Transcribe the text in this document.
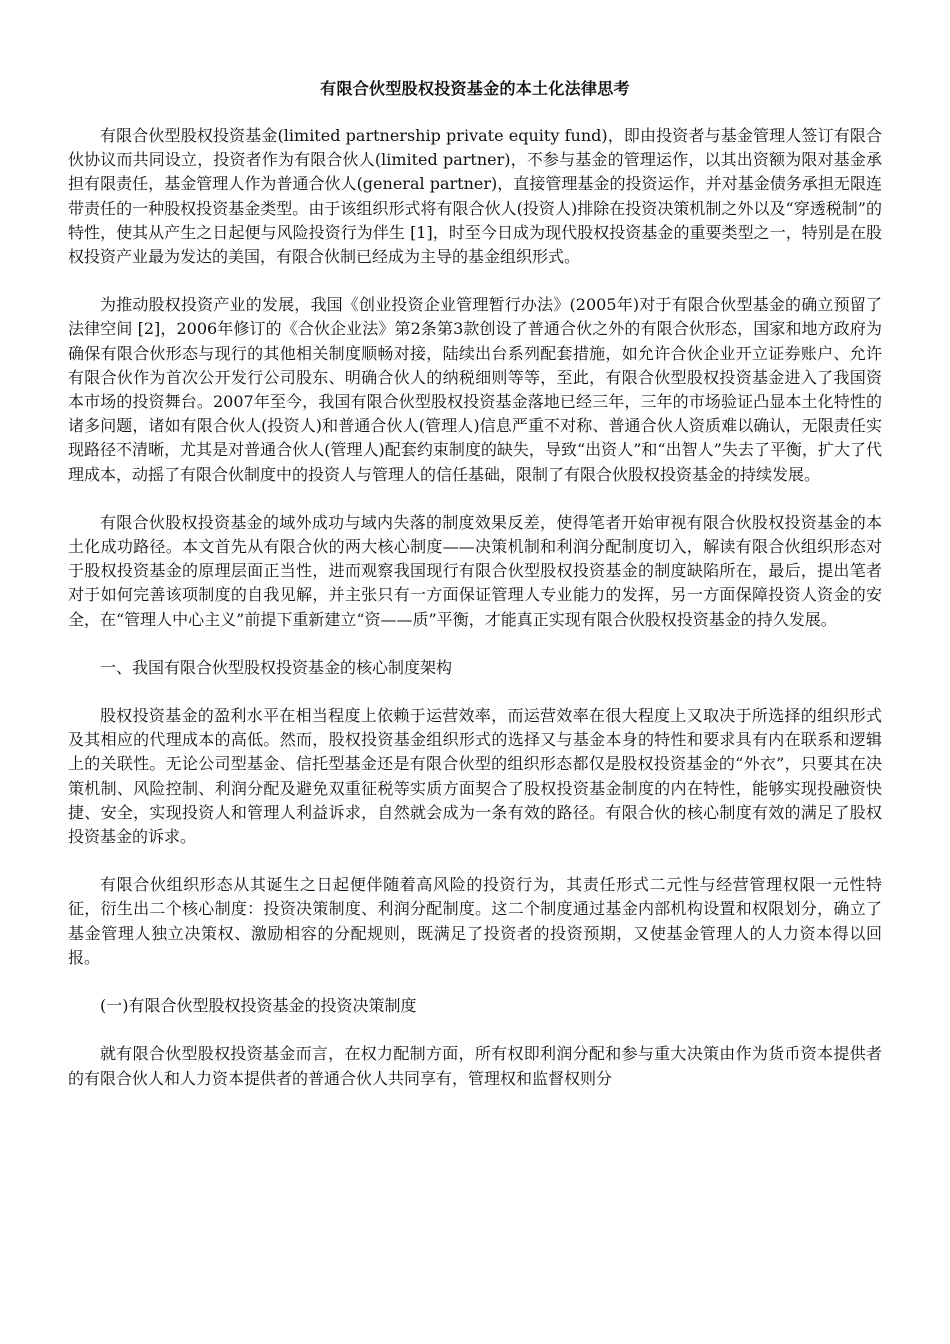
有限合伙型股权投资基金的本土化法律思考

有限合伙型股权投资基金(limited partnership private equity fund)，即由投资者与基金管理人签订有限合伙协议而共同设立，投资者作为有限合伙人(limited partner)，不参与基金的管理运作，以其出资额为限对基金承担有限责任，基金管理人作为普通合伙人(general partner)，直接管理基金的投资运作，并对基金债务承担无限连带责任的一种股权投资基金类型。由于该组织形式将有限合伙人(投资人)排除在投资决策机制之外以及“穿透税制”的特性，使其从产生之日起便与风险投资行为伴生 [1]，时至今日成为现代股权投资基金的重要类型之一，特别是在股权投资产业最为发达的美国，有限合伙制已经成为主导的基金组织形式。

为推动股权投资产业的发展，我国《创业投资企业管理暂行办法》(2005年)对于有限合伙型基金的确立预留了法律空间 [2]，2006年修订的《合伙企业法》第2条第3款创设了普通合伙之外的有限合伙形态，国家和地方政府为确保有限合伙形态与现行的其他相关制度顺畅对接，陆续出台系列配套措施，如允许合伙企业开立证券账户、允许有限合伙作为首次公开发行公司股东、明确合伙人的纳税细则等等，至此，有限合伙型股权投资基金进入了我国资本市场的投资舞台。2007年至今，我国有限合伙型股权投资基金落地已经三年，三年的市场验证凸显本土化特性的诸多问题，诸如有限合伙人(投资人)和普通合伙人(管理人)信息严重不对称、普通合伙人资质难以确认，无限责任实现路径不清晰，尤其是对普通合伙人(管理人)配套约束制度的缺失，导致“出资人”和“出智人”失去了平衡，扩大了代理成本，动摇了有限合伙制度中的投资人与管理人的信任基础，限制了有限合伙股权投资基金的持续发展。

有限合伙股权投资基金的域外成功与域内失落的制度效果反差，使得笔者开始审视有限合伙股权投资基金的本土化成功路径。本文首先从有限合伙的两大核心制度——决策机制和利润分配制度切入，解读有限合伙组织形态对于股权投资基金的原理层面正当性，进而观察我国现行有限合伙型股权投资基金的制度缺陷所在，最后，提出笔者对于如何完善该项制度的自我见解，并主张只有一方面保证管理人专业能力的发挥，另一方面保障投资人资金的安全，在“管理人中心主义”前提下重新建立“资——质”平衡，才能真正实现有限合伙股权投资基金的持久发展。

一、我国有限合伙型股权投资基金的核心制度架构

股权投资基金的盈利水平在相当程度上依赖于运营效率，而运营效率在很大程度上又取决于所选择的组织形式及其相应的代理成本的高低。然而，股权投资基金组织形式的选择又与基金本身的特性和要求具有内在联系和逻辑上的关联性。无论公司型基金、信托型基金还是有限合伙型的组织形态都仅是股权投资基金的“外衣”，只要其在决策机制、风险控制、利润分配及避免双重征税等实质方面契合了股权投资基金制度的内在特性，能够实现投融资快捷、安全，实现投资人和管理人利益诉求，自然就会成为一条有效的路径。有限合伙的核心制度有效的满足了股权投资基金的诉求。

有限合伙组织形态从其诞生之日起便伴随着高风险的投资行为，其责任形式二元性与经营管理权限一元性特征，衍生出二个核心制度：投资决策制度、利润分配制度。这二个制度通过基金内部机构设置和权限划分，确立了基金管理人独立决策权、激励相容的分配规则，既满足了投资者的投资预期，又使基金管理人的人力资本得以回报。

(一)有限合伙型股权投资基金的投资决策制度

就有限合伙型股权投资基金而言，在权力配制方面，所有权即利润分配和参与重大决策由作为货币资本提供者的有限合伙人和人力资本提供者的普通合伙人共同享有，管理权和监督权则分
